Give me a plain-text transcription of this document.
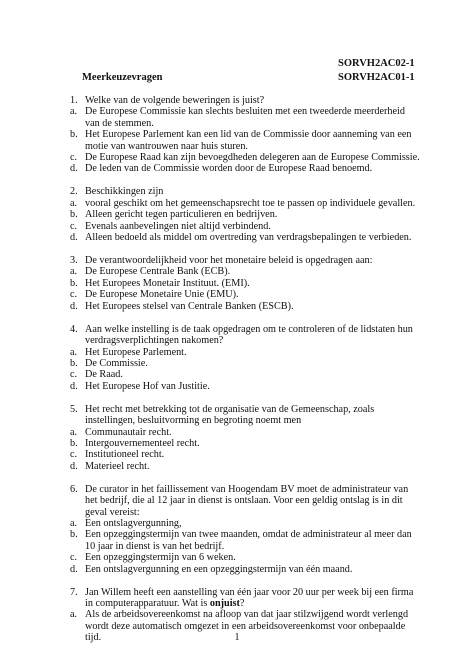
SORVH2AC02-1
Meerkeuzevragen	SORVH2AC01-1
1. Welke van de volgende beweringen is juist?
a. De Europese Commissie kan slechts besluiten met een tweederde meerderheid van de stemmen.
b. Het Europese Parlement kan een lid van de Commissie door aanneming van een motie van wantrouwen naar huis sturen.
c. De Europese Raad kan zijn bevoegdheden delegeren aan de Europese Commissie.
d. De leden van de Commissie worden door de Europese Raad benoemd.
2. Beschikkingen zijn
a. vooral geschikt om het gemeenschapsrecht toe te passen op individuele gevallen.
b. Alleen gericht tegen particulieren en bedrijven.
c. Evenals aanbevelingen niet altijd verbindend.
d. Alleen bedoeld als middel om overtreding van verdragsbepalingen te verbieden.
3. De verantwoordelijkheid voor het monetaire beleid is opgedragen aan:
a. De Europese Centrale Bank (ECB).
b. Het Europees Monetair Instituut. (EMI).
c. De Europese Monetaire Unie (EMU).
d. Het Europees stelsel van Centrale Banken (ESCB).
4. Aan welke instelling is de taak opgedragen om te controleren of de lidstaten hun verdragsverplichtingen nakomen?
a. Het Europese Parlement.
b. De Commissie.
c. De Raad.
d. Het Europese Hof van Justitie.
5. Het recht met betrekking tot de organisatie van de Gemeenschap, zoals instellingen, besluitvorming en begroting noemt men
a. Communautair recht.
b. Intergouvernementeel recht.
c. Institutioneel recht.
d. Materieel recht.
6. De curator in het faillissement van Hoogendam BV moet de administrateur van het bedrijf, die al 12 jaar in dienst is ontslaan. Voor een geldig ontslag is in dit geval vereist:
a. Een ontslagvergunning,
b. Een opzeggingstermijn van twee maanden, omdat de administrateur al meer dan 10 jaar in dienst is van het bedrijf.
c. Een opzeggingstermijn van 6 weken.
d. Een ontslagvergunning en een opzeggingstermijn van één maand.
7. Jan Willem heeft een aanstelling van één jaar voor 20 uur per week bij een firma in computerapparatuur. Wat is onjuist?
a. Als de arbeidsovereenkomst na afloop van dat jaar stilzwijgend wordt verlengd wordt deze automatisch omgezet in een arbeidsovereenkomst voor onbepaalde tijd.	1
